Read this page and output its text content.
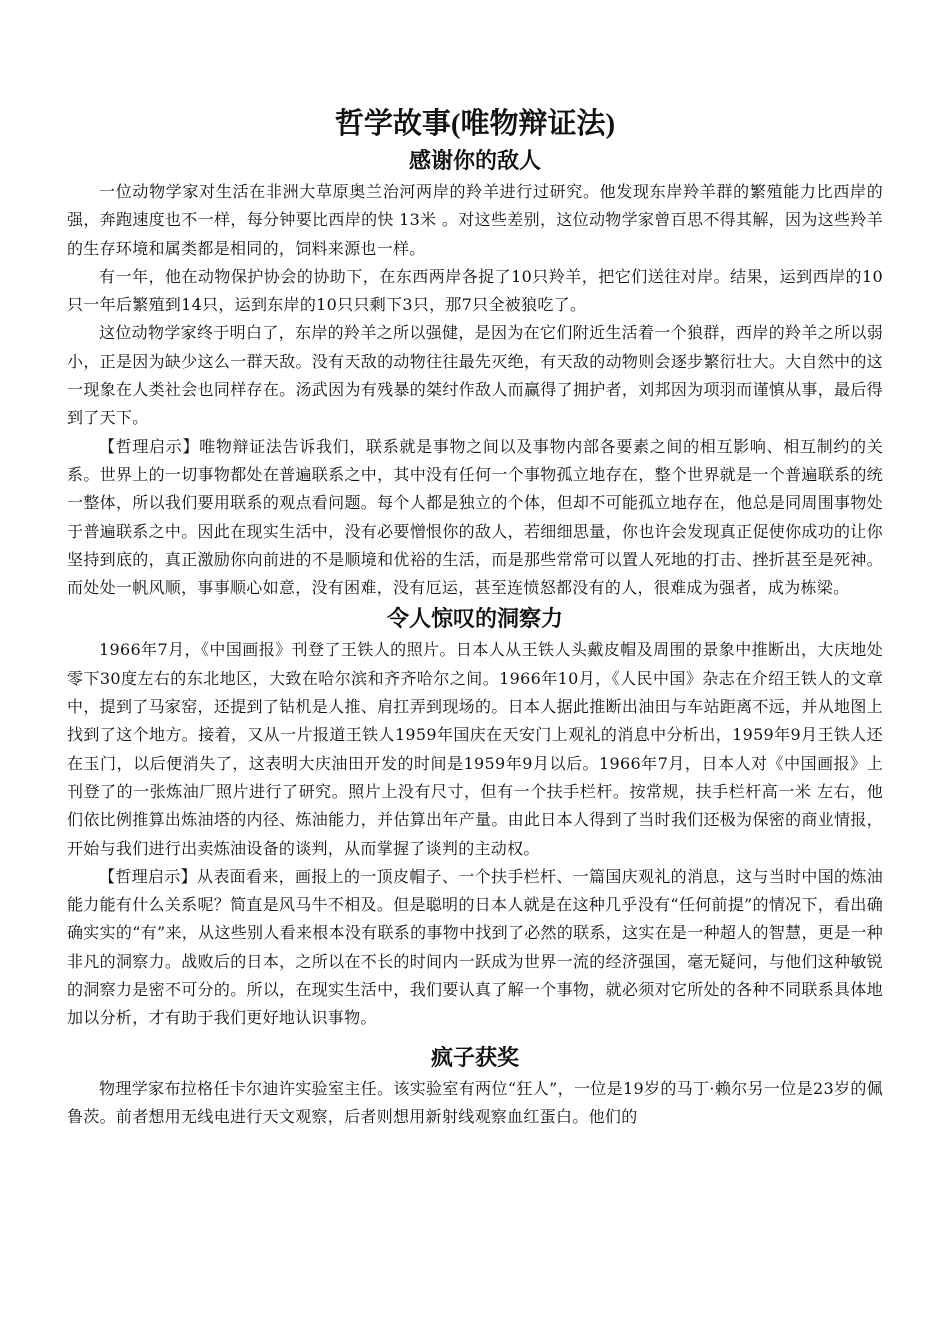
哲学故事(唯物辩证法)
感谢你的敌人

一位动物学家对生活在非洲大草原奥兰治河两岸的羚羊进行过研究。他发现东岸羚羊群的繁殖能力比西岸的强，奔跑速度也不一样，每分钟要比西岸的快 13米 。对这些差别，这位动物学家曾百思不得其解，因为这些羚羊的生存环境和属类都是相同的，饲料来源也一样。

有一年，他在动物保护协会的协助下，在东西两岸各捉了10只羚羊，把它们送往对岸。结果，运到西岸的10只一年后繁殖到14只，运到东岸的10只只剩下3只，那7只全被狼吃了。

这位动物学家终于明白了，东岸的羚羊之所以强健，是因为在它们附近生活着一个狼群，西岸的羚羊之所以弱小，正是因为缺少这么一群天敌。没有天敌的动物往往最先灭绝，有天敌的动物则会逐步繁衍壮大。大自然中的这一现象在人类社会也同样存在。汤武因为有残暴的桀纣作敌人而赢得了拥护者，刘邦因为项羽而谨慎从事，最后得到了天下。

【哲理启示】唯物辩证法告诉我们，联系就是事物之间以及事物内部各要素之间的相互影响、相互制约的关系。世界上的一切事物都处在普遍联系之中，其中没有任何一个事物孤立地存在，整个世界就是一个普遍联系的统一整体，所以我们要用联系的观点看问题。每个人都是独立的个体，但却不可能孤立地存在，他总是同周围事物处于普遍联系之中。因此在现实生活中，没有必要憎恨你的敌人，若细细思量，你也许会发现真正促使你成功的让你坚持到底的，真正激励你向前进的不是顺境和优裕的生活，而是那些常常可以置人死地的打击、挫折甚至是死神。而处处一帆风顺，事事顺心如意，没有困难，没有厄运，甚至连愤怒都没有的人，很难成为强者，成为栋梁。

令人惊叹的洞察力

1966年7月，《中国画报》刊登了王铁人的照片。日本人从王铁人头戴皮帽及周围的景象中推断出，大庆地处零下30度左右的东北地区，大致在哈尔滨和齐齐哈尔之间。1966年10月，《人民中国》杂志在介绍王铁人的文章中，提到了马家窑，还提到了钻机是人推、肩扛弄到现场的。日本人据此推断出油田与车站距离不远，并从地图上找到了这个地方。接着，又从一片报道王铁人1959年国庆在天安门上观礼的消息中分析出，1959年9月王铁人还在玉门，以后便消失了，这表明大庆油田开发的时间是1959年9月以后。1966年7月，日本人对《中国画报》上刊登了的一张炼油厂照片进行了研究。照片上没有尺寸，但有一个扶手栏杆。按常规，扶手栏杆高一米 左右，他们依比例推算出炼油塔的内径、炼油能力，并估算出年产量。由此日本人得到了当时我们还极为保密的商业情报，开始与我们进行出卖炼油设备的谈判，从而掌握了谈判的主动权。

【哲理启示】从表面看来，画报上的一顶皮帽子、一个扶手栏杆、一篇国庆观礼的消息，这与当时中国的炼油能力能有什么关系呢？简直是风马牛不相及。但是聪明的日本人就是在这种几乎没有“任何前提”的情况下，看出确确实实的“有”来，从这些别人看来根本没有联系的事物中找到了必然的联系，这实在是一种超人的智慧，更是一种非凡的洞察力。战败后的日本，之所以在不长的时间内一跃成为世界一流的经济强国，毫无疑问，与他们这种敏锐的洞察力是密不可分的。所以，在现实生活中，我们要认真了解一个事物，就必须对它所处的各种不同联系具体地加以分析，才有助于我们更好地认识事物。

疯子获奖

物理学家布拉格任卡尔迪许实验室主任。该实验室有两位“狂人”，一位是19岁的马丁·赖尔另一位是23岁的佩鲁茨。前者想用无线电进行天文观察，后者则想用新射线观察血红蛋白。他们的
